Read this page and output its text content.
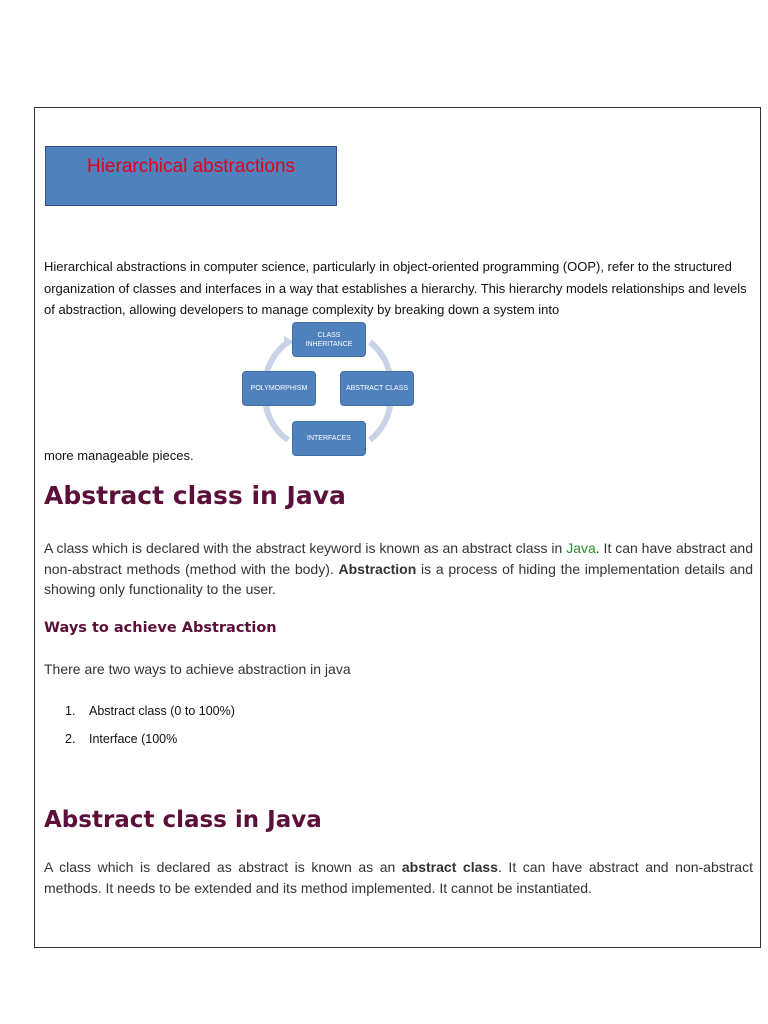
Hierarchical abstractions
Hierarchical abstractions in computer science, particularly in object-oriented programming (OOP), refer to the structured organization of classes and interfaces in a way that establishes a hierarchy. This hierarchy models relationships and levels of abstraction, allowing developers to manage complexity by breaking down a system into
CLASS
INHERITANCE
ABSTRACT CLASS
INTERFACES
POLYMORPHISM
more manageable pieces.
Abstract class in Java
A class which is declared with the abstract keyword is known as an abstract class in Java. It can have abstract and non-abstract methods (method with the body). Abstraction is a process of hiding the implementation details and showing only functionality to the user.
Ways to achieve Abstraction
There are two ways to achieve abstraction in java
1.	Abstract class (0 to 100%)
2.	Interface (100%
Abstract class in Java
A class which is declared as abstract is known as an abstract class. It can have abstract and non-abstract methods. It needs to be extended and its method implemented. It cannot be instantiated.
